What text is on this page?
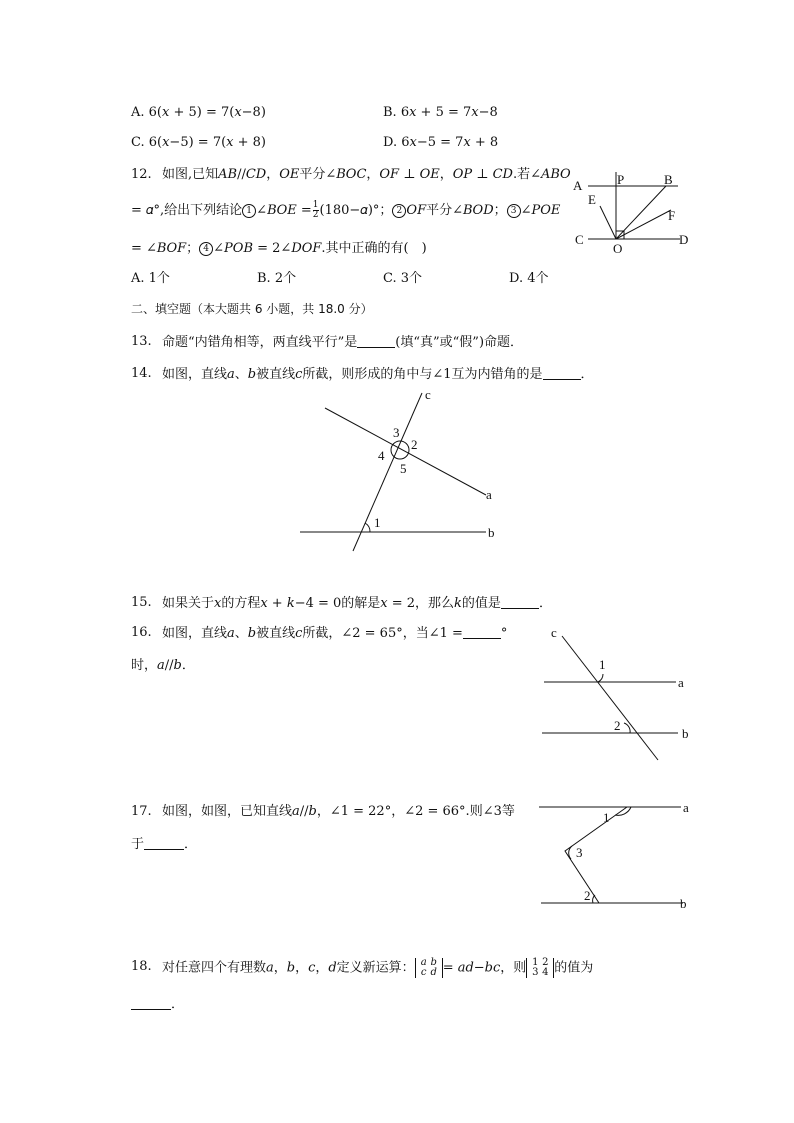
A. 6(𝑥 + 5) = 7(𝑥−8)	B. 6𝑥 + 5 = 7𝑥−8
C. 6(𝑥−5) = 7(𝑥 + 8)	D. 6𝑥−5 = 7𝑥 + 8
12. 如图,已知𝐴𝐵//𝐶𝐷，𝑂𝐸平分∠𝐵𝑂𝐶，𝑂𝐹 ⊥ 𝑂𝐸，𝑂𝑃 ⊥ 𝐶𝐷.若∠𝐴𝐵𝑂
= 𝛼°,给出下列结论 1 ∠𝐵𝑂𝐸 = $\frac{1}{2}$ (180−𝛼)°； 2 𝑂𝐹平分∠𝐵𝑂𝐷； 3 ∠𝑃𝑂𝐸
= ∠𝐵𝑂𝐹； 4 ∠𝑃𝑂𝐵 = 2∠𝐷𝑂𝐹.其中正确的有(　)
A. 1个	B. 2个	C. 3个	D. 4个
A	P	B
E
F
C
O
D
二、填空题（本大题共 6 小题，共 18.0 分）
13. 命题“内错角相等，两直线平行”是	(填“真”或“假”)命题．
14. 如图，直线𝑎、𝑏被直线𝑐所截，则形成的角中与∠1互为内错角的是	．
c
a
b
1
2
3
4
5
15. 如果关于𝑥的方程𝑥 + 𝑘−4 = 0的解是𝑥 = 2，那么𝑘的值是	．
16. 如图，直线𝑎、𝑏被直线𝑐所截，∠2 = 65°，当∠1 =	°
时，𝑎//𝑏．
c
1
2
a
b
17. 如图，如图，已知直线𝑎//𝑏，∠1 = 22°，∠2 = 66°.则∠3等
于	．
a
b
1
3
2
18. 对任意四个有理数𝑎，𝑏，𝑐，𝑑定义新运算： 𝑎 𝑏
𝑐 𝑑 = 𝑎𝑑−𝑏𝑐，则 1 2
3 4 的值为
．
